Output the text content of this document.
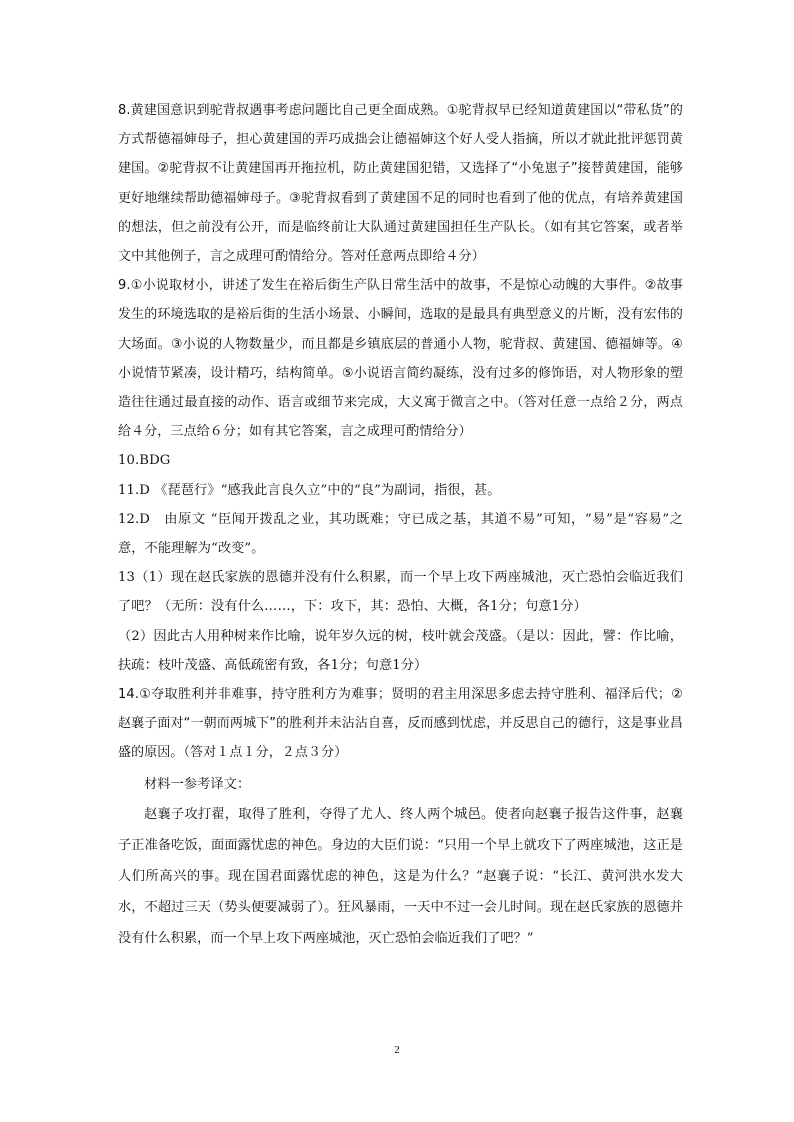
8.黄建国意识到驼背叔遇事考虑问题比自己更全面成熟。①驼背叔早已经知道黄建国以“带私货”的方式帮德福婶母子，担心黄建国的弄巧成拙会让德福婶这个好人受人指摘，所以才就此批评惩罚黄建国。②驼背叔不让黄建国再开拖拉机，防止黄建国犯错，又选择了“小兔崽子”接替黄建国，能够更好地继续帮助德福婶母子。③驼背叔看到了黄建国不足的同时也看到了他的优点，有培养黄建国的想法，但之前没有公开，而是临终前让大队通过黄建国担任生产队长。（如有其它答案，或者举文中其他例子，言之成理可酌情给分。答对任意两点即给４分）

9.①小说取材小，讲述了发生在裕后街生产队日常生活中的故事，不是惊心动魄的大事件。②故事发生的环境选取的是裕后街的生活小场景、小瞬间，选取的是最具有典型意义的片断，没有宏伟的大场面。③小说的人物数量少，而且都是乡镇底层的普通小人物，驼背叔、黄建国、德福婶等。④小说情节紧凑，设计精巧，结构简单。⑤小说语言简约凝练，没有过多的修饰语，对人物形象的塑造往往通过最直接的动作、语言或细节来完成，大义寓于微言之中。（答对任意一点给２分，两点给４分，三点给６分；如有其它答案，言之成理可酌情给分）

10.BDG

11.D 《琵琶行》“感我此言良久立”中的“良”为副词，指很，甚。

12.D　由原文 “臣闻开拨乱之业，其功既难；守已成之基，其道不易”可知，“易”是“容易”之意，不能理解为“改变”。

13（1）现在赵氏家族的恩德并没有什么积累，而一个早上攻下两座城池，灭亡恐怕会临近我们了吧？（无所：没有什么……，下：攻下，其：恐怕、大概，各1分；句意1分）

（2）因此古人用种树来作比喻，说年岁久远的树，枝叶就会茂盛。（是以：因此，譬：作比喻，扶疏：枝叶茂盛、高低疏密有致，各1分；句意1分）

14.①夺取胜利并非难事，持守胜利方为难事；贤明的君主用深思多虑去持守胜利、福泽后代；②赵襄子面对“一朝而两城下”的胜利并未沾沾自喜，反而感到忧虑，并反思自己的德行，这是事业昌盛的原因。（答对１点１分，２点３分）

材料一参考译文：

赵襄子攻打翟，取得了胜利，夺得了尤人、终人两个城邑。使者向赵襄子报告这件事，赵襄子正准备吃饭，面面露忧虑的神色。身边的大臣们说：“只用一个早上就攻下了两座城池，这正是人们所高兴的事。现在国君面露忧虑的神色，这是为什么？”赵襄子说：“长江、黄河洪水发大水，不超过三天（势头便要减弱了）。狂风暴雨，一天中不过一会儿时间。现在赵氏家族的恩德并没有什么积累，而一个早上攻下两座城池，灭亡恐怕会临近我们了吧？”

2
